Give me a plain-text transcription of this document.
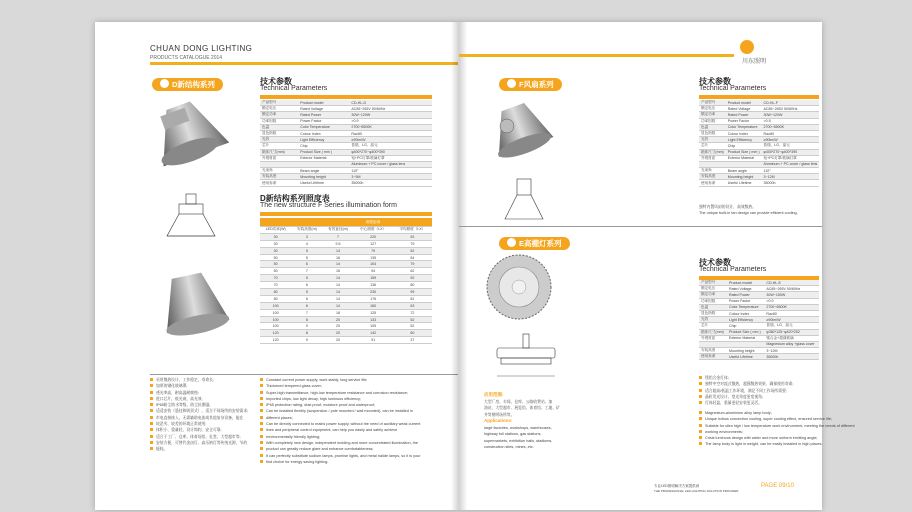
CHUAN DONG LIGHTING
PRODUCTS CATALOGUE 2014
D新结构系列	技术参数
Technical Parameters
产品型号	Product model	CD-HL-D
额定电压	Rated Voltage	AC85~265V 50/60Hz
额定功率	Rated Power	30W~120W
功率因数	Power Factor	>0.9
色温	Color Temperature	2700~6500K
显色指数	Colour Index	Ra≥80
光效	Light Efficiency	≥90lm/W
芯片	Chip	普瑞、LG、晶元
箱体尺寸(mm)	Product Size ( mm )	φ400*270~φ400*390
外观材质	Exterior Material	铝+PC灯罩/玻璃灯罩
		Aluminum + PC cover / glass lens
光束角	Beam angle	110°
安装高度	Mounting height	3~5M
使用寿命	Useful Lifetime	35000h
D新结构系列照度表
The new structure F Series illumination form
			照度距离	
LED功率(W)	安装高度(m)	有效直径(m)	中心照度（LX）	平均照度（LX）
30	3	7	220	92
30	4	9.5	127	79
30	5	14	79	52
50	5	16	135	54
50	6	14	104	79
50	7	16	94	62
70	5	14	159	92
70	6	14	136	80
80	5	14	230	99
80	6	14	176	81
100	6	14	160	63
100	7	18	125	72
100	8	20	133	52
100	9	20	105	52
120	8	20	142	60
120	9	20	91	37
采用散热设计，工作稳定，寿命长;
加厚的钢化玻璃罩;
透光率高，耐高温耐腐蚀;
进口芯片，低光衰，高光效;
IP65防尘防水等级，防尘抗潮湿;
适适安装（悬挂和吸顶式），适合不同场所的安装需求;
市电直接接入，无需辅助电流或其他复杂设备，能在
较恶劣、较差的环境正常使用;
体积小、重量轻，设计简约、安全可靠;
适合于工厂、仓库、体育场馆、礼堂、大型超市等;
安装方便，可替代金卤灯、高压钠灯等传统光源，节约
能耗。
Constant current power supply, work stably, long service life;
Thickened tempered glass cover;
Super-high transmittance, high-low temperature resistance and corrosion resistance;
Imported chips, low light decay, high luminous efficiency;
IP65 protection rating, dust proof, moisture proof and waterproof;
Can be installed flexibly (suspension / pole mounted / wall mounted), can be installed in
different places;
Can be directly connected to mains power supply, without the need of auxiliary weak current
lines and peripheral control equipment, can help you easily and safely achieve
environmentally friendly lighting;
With completely new design, independent molding and more concentrated illumination, the
product can greatly reduce glare and enhance comfortableness;
It can perfectly substitute sodium lamps, promise lights, and metal halide lamps, so it is your
first choice for energy saving lighting.
川东照明
F风扇系列	技术参数
Technical Parameters
产品型号	Product model	CD-HL-F
额定电压	Rated Voltage	AC85~265V 50/60Hz
额定功率	Rated Power	30W~120W
功率因数	Power Factor	>0.9
色温	Color Temperature	2700~6500K
显色指数	Colour Index	Ra≥80
光效	Light Efficiency	≥90lm/W
芯片	Chip	普瑞、LG、晶元
箱体尺寸(mm)	Product Size ( mm )	φ400*270~φ400*390
外观材质	Exterior Material	铝+PC灯罩/玻璃灯罩
		Aluminum + PC cover / glass lens
光束角	Beam angle	110°
安装高度	Mounting height	3~12M
使用寿命	Useful Lifetime	35000h
独特内置风扇的设计，高效散热。
The unique built-in fan design can provide efficient cooling.
E高棚灯系列
技术参数
Technical Parameters
产品型号	Product model	CD-HL-E
额定电压	Rated Voltage	AC85~265V 50/60Hz
额定功率	Rated Power	30W~150W
功率因数	Power Factor	>0.9
色温	Color Temperature	2700~6500K
显色指数	Colour Index	Ra≥80
光效	Light Efficiency	≥90lm/W
芯片	Chip	普瑞、LG、晶元
箱体尺寸(mm)	Product Size ( mm )	φ360*125~φ420*252
外观材质	Exterior Material	镁合金+超薄玻璃
		Magnesium alloy +glass cover
安装高度	Mounting height	3~12M
使用寿命	Useful Lifetime	35000h
镁铝合金灯体;
独特中空对流式散热，超强散热效果，确保使用寿命;
适合超高/低温工作环境，满足不同工作场所需要;
晶粒发光设计，宽光角度更宽视角;
灯体轻盈，重量更轻安装更灵活。
Magnesium-aluminium alloy lamp body;
Unique hollow convection cooling, super cooling effect, ensured service life;
Suitable for ultra high / low temperature work environment, meeting the needs of different
working environments;
Crisis luminous design with wider and more uniform emitting angle;
The lamp body is light in weight, can be easily installed in high places.
应用范围:
大型厂房、车间、仓库、公路收费站、加
油站、大型超市、展览馆、体育馆、工地、矿
井等照明场所等。
Applications:
large factories, workshops, warehouses,
highway toll stations, gas stations,
supermarkets, exhibition halls, stadiums,
construction sites, mines, etc.
专业LED照明解决方案提供商
THE PROFESSIONAL LED LIGHTING SOLUTION PROVIDER
PAGE 09/10
